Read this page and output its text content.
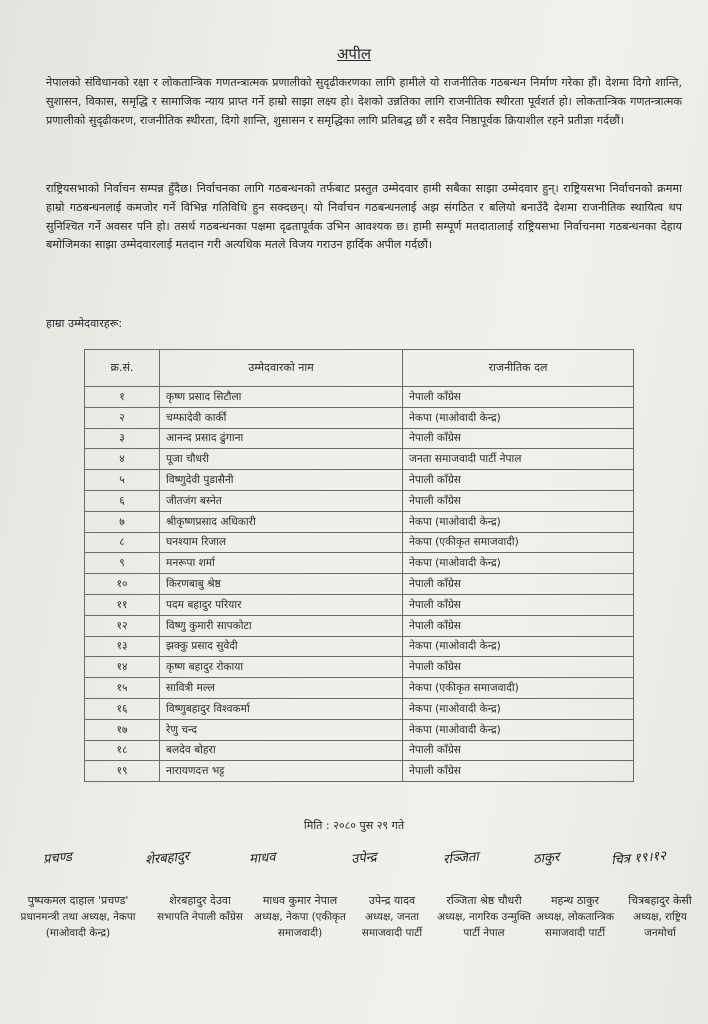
अपील
नेपालको संविधानको रक्षा र लोकतान्त्रिक गणतन्त्रात्मक प्रणालीको सुदृढीकरणका लागि हामीले यो राजनीतिक गठबन्धन निर्माण गरेका हौं। देशमा दिगो शान्ति, सुशासन, विकास, समृद्धि र सामाजिक न्याय प्राप्त गर्ने हाम्रो साझा लक्ष्य हो। देशको उन्नतिका लागि राजनीतिक स्थीरता पूर्वशर्त हो। लोकतान्त्रिक गणतन्त्रात्मक प्रणालीको सुदृढीकरण, राजनीतिक स्थीरता, दिगो शान्ति, शुसासन र समृद्धिका लागि प्रतिबद्ध छौं र सदैव निष्ठापूर्वक क्रियाशील रहने प्रतीज्ञा गर्दछौं।
राष्ट्रियसभाको निर्वाचन सम्पन्न हुँदैछ। निर्वाचनका लागि गठबन्धनको तर्फबाट प्रस्तुत उम्मेदवार हामी सबैका साझा उम्मेदवार हुन्। राष्ट्रियसभा निर्वाचनको क्रममा हाम्रो गठबन्धनलाई कमजोर गर्ने विभिन्न गतिविधि हुन सक्दछन्। यो निर्वाचन गठबन्धनलाई अझ संगठित र बलियो बनाउँदै देशमा राजनीतिक स्थायित्व थप सुनिश्चित गर्ने अवसर पनि हो। तसर्थ गठबन्धनका पक्षमा दृढतापूर्वक उभिन आवश्यक छ। हामी सम्पूर्ण मतदातालाई राष्ट्रियसभा निर्वाचनमा गठबन्धनका देहाय बमोजिमका साझा उम्मेदवारलाई मतदान गरी अत्यधिक मतले विजय गराउन हार्दिक अपील गर्दछौं।
हाम्रा उम्मेदवारहरू:
क्र.सं.	उम्मेदवारको नाम	राजनीतिक दल
१	कृष्ण प्रसाद सिटौला	नेपाली काँग्रेस
२	चम्फादेवी कार्की	नेकपा (माओवादी केन्द्र)
३	आनन्द प्रसाद ढुंगाना	नेपाली काँग्रेस
४	पूजा चौधरी	जनता समाजवादी पार्टी नेपाल
५	विष्णुदेवी पुडासैनी	नेपाली काँग्रेस
६	जीतजंग बस्नेत	नेपाली काँग्रेस
७	श्रीकृष्णप्रसाद अधिकारी	नेकपा (माओवादी केन्द्र)
८	घनश्याम रिजाल	नेकपा (एकीकृत समाजवादी)
९	मनरूपा शर्मा	नेकपा (माओवादी केन्द्र)
१०	किरणबाबु श्रेष्ठ	नेपाली काँग्रेस
११	पदम बहादुर परियार	नेपाली काँग्रेस
१२	विष्णु कुमारी सापकोटा	नेपाली काँग्रेस
१३	झक्कु प्रसाद सुवेदी	नेकपा (माओवादी केन्द्र)
१४	कृष्ण बहादुर रोकाया	नेपाली काँग्रेस
१५	सावित्री मल्ल	नेकपा (एकीकृत समाजवादी)
१६	विष्णुबहादुर विश्वकर्मा	नेकपा (माओवादी केन्द्र)
१७	रेणु चन्द	नेकपा (माओवादी केन्द्र)
१८	बलदेव बोहरा	नेपाली काँग्रेस
१९	नारायणदत्त भट्ट	नेपाली काँग्रेस
मिति : २०८० पुस २९ गते
प्रचण्ड	शेरबहादुर	माधव	उपेन्द्र	रञ्जिता	ठाकुर	चित्र १९।१२
पुष्पकमल दाहाल 'प्रचण्ड'
प्रधानमन्त्री तथा अध्यक्ष, नेकपा (माओवादी केन्द्र)
शेरबहादुर देउवा
सभापति नेपाली काँग्रेस
माधव कुमार नेपाल
अध्यक्ष, नेकपा (एकीकृत समाजवादी)
उपेन्द्र यादव
अध्यक्ष, जनता समाजवादी पार्टी
रञ्जिता श्रेष्ठ चौधरी
अध्यक्ष, नागरिक उन्मुक्ति पार्टी नेपाल
महन्थ ठाकुर
अध्यक्ष, लोकतान्त्रिक समाजवादी पार्टी
चित्रबहादुर केसी
अध्यक्ष, राष्ट्रिय जनमोर्चा
